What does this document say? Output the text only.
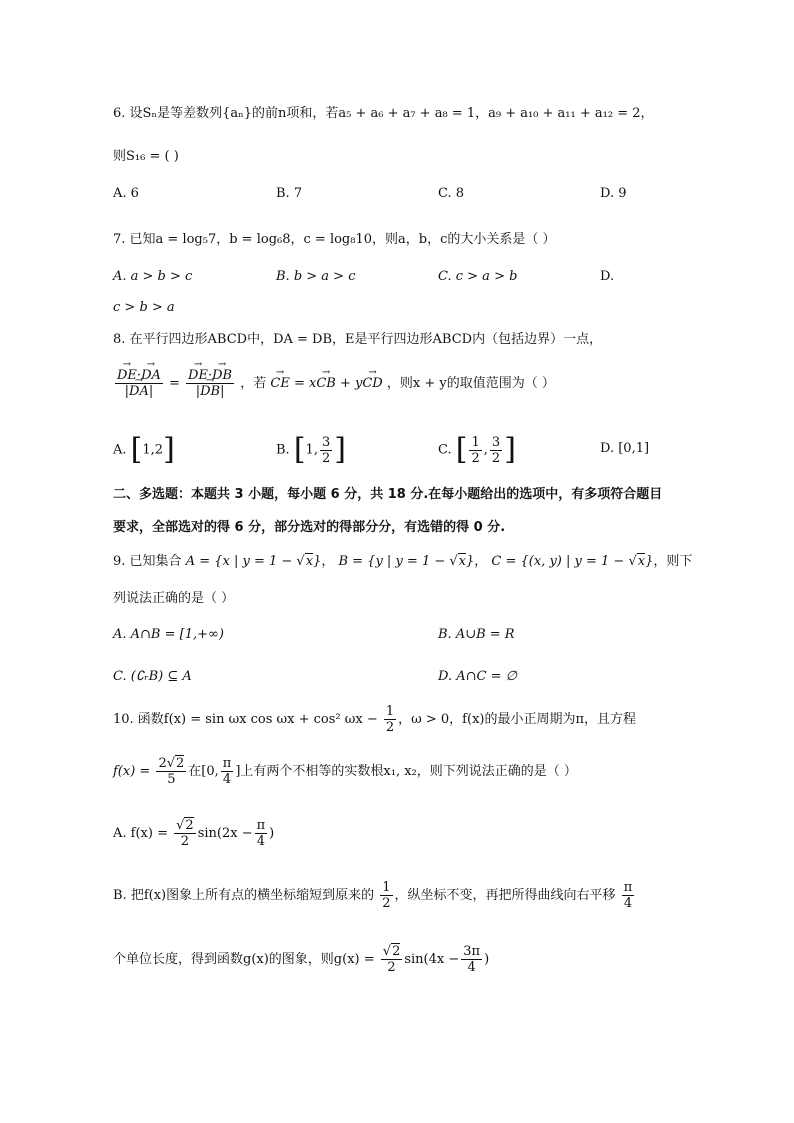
6. 设Sₙ是等差数列{aₙ}的前n项和，若a₅ + a₆ + a₇ + a₈ = 1，a₉ + a₁₀ + a₁₁ + a₁₂ = 2，
则S₁₆ = ( )
A. 6	B. 7	C. 8	D. 9
7. 已知a = log₅7，b = log₆8，c = log₈10，则a，b，c的大小关系是（ ）
A. a > b > c	B. b > a > c	C. c > a > b	D.
c > b > a
8. 在平行四边形ABCD中，DA = DB，E是平行四边形ABCD内（包括边界）一点，
→ $\frac{DE\cdot\to DA}{|\to DA|}$ = → $\frac{DE\cdot\to DB}{|\to DB|}$ ，若 → CE = x→ CB + y→ CD ，则x + y的取值范围为（ ）
A. [1,2]	B. [1, $\frac{3}{2}$ ]	C. [ $\frac{1}{2}$ , $\frac{3}{2}$ ]	D. [0,1]
二、多选题：本题共 3 小题，每小题 6 分，共 18 分.在每小题给出的选项中，有多项符合题目
要求，全部选对的得 6 分，部分选对的得部分分，有选错的得 0 分.
9. 已知集合 A = {x | y = 1 − √x}， B = {y | y = 1 − √x}， C = {(x, y) | y = 1 − √x}，则下
列说法正确的是（ ）
A. A∩B = [1,+∞)	B. A∪B = R
C. (∁ᵣB) ⊆ A	D. A∩C = ∅
10. 函数f(x) = sin ωx cos ωx + cos² $\omega x - \frac{1}{2}$ ，ω > 0，f(x)的最小正周期为π，且方程
$f(x) = \frac{2√2}{5}$ 在[0, $\frac{\pi}{4}$ ]上有两个不相等的实数根x₁, x₂，则下列说法正确的是（ ）
A. $f(x) = \frac{√2}{2} \sin(2x - \frac{\pi}{4}$ )
B. 把f(x)图象上所有点的横坐标缩短到原来的 $\frac{1}{2}$ ，纵坐标不变，再把所得曲线向右平移 $\frac{\pi}{4}$
个单位长度，得到函数g(x)的图象，则$g(x) = \frac{√2}{2} \sin(4x - \frac{3\pi}{4}$ )
